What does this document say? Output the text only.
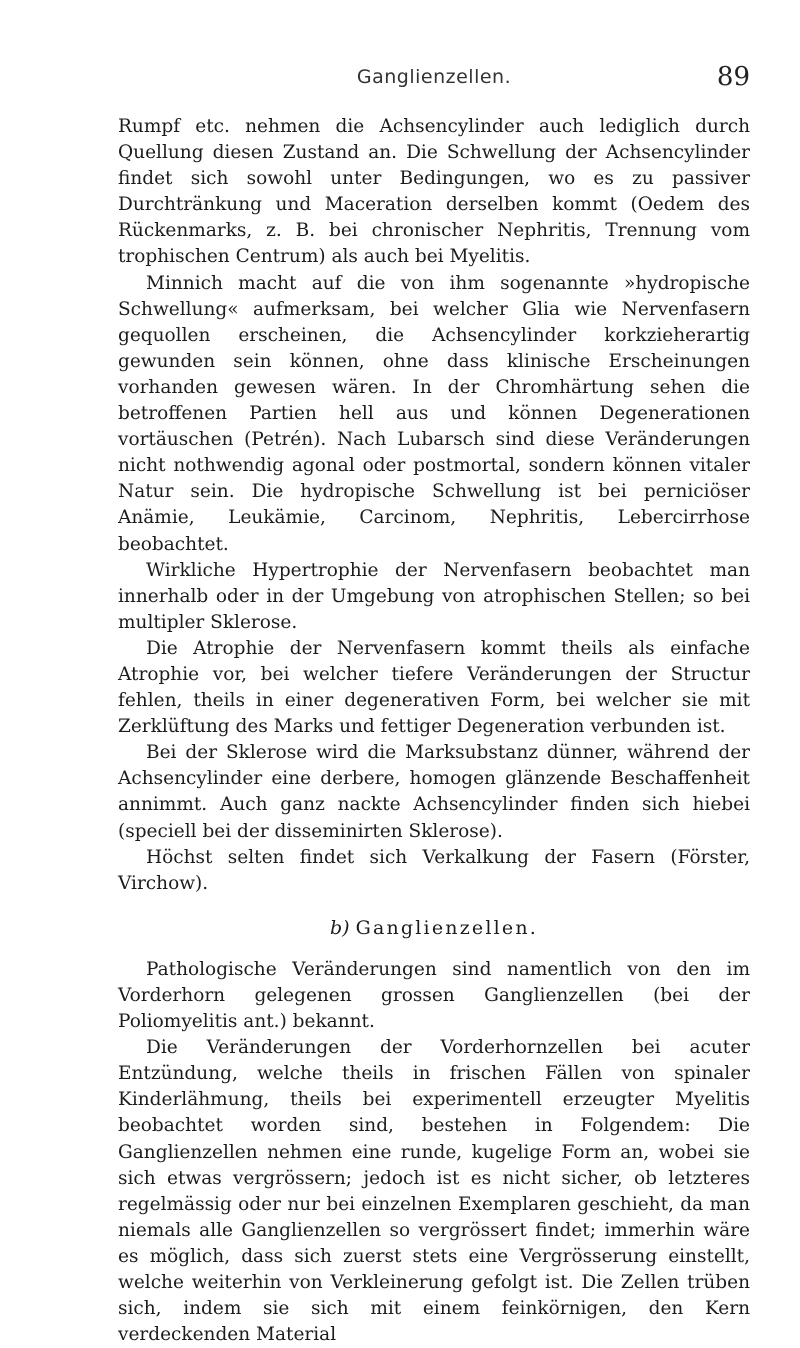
Ganglienzellen.	89

Rumpf etc. nehmen die Achsencylinder auch lediglich durch Quellung diesen Zustand an. Die Schwellung der Achsencylinder findet sich sowohl unter Bedingungen, wo es zu passiver Durchtränkung und Maceration derselben kommt (Oedem des Rückenmarks, z. B. bei chronischer Nephritis, Trennung vom trophischen Centrum) als auch bei Myelitis.

Minnich macht auf die von ihm sogenannte »hydropische Schwellung« aufmerksam, bei welcher Glia wie Nervenfasern gequollen erscheinen, die Achsencylinder korkzieherartig gewunden sein können, ohne dass klinische Erscheinungen vorhanden gewesen wären. In der Chromhärtung sehen die betroffenen Partien hell aus und können Degenerationen vortäuschen (Petrén). Nach Lubarsch sind diese Veränderungen nicht nothwendig agonal oder postmortal, sondern können vitaler Natur sein. Die hydropische Schwellung ist bei perniciöser Anämie, Leukämie, Carcinom, Nephritis, Lebercirrhose beobachtet.

Wirkliche Hypertrophie der Nervenfasern beobachtet man innerhalb oder in der Umgebung von atrophischen Stellen; so bei multipler Sklerose.

Die Atrophie der Nervenfasern kommt theils als einfache Atrophie vor, bei welcher tiefere Veränderungen der Structur fehlen, theils in einer degenerativen Form, bei welcher sie mit Zerklüftung des Marks und fettiger Degeneration verbunden ist.

Bei der Sklerose wird die Marksubstanz dünner, während der Achsencylinder eine derbere, homogen glänzende Beschaffenheit annimmt. Auch ganz nackte Achsencylinder finden sich hiebei (speciell bei der disseminirten Sklerose).

Höchst selten findet sich Verkalkung der Fasern (Förster, Virchow).

b) Ganglienzellen.

Pathologische Veränderungen sind namentlich von den im Vorderhorn gelegenen grossen Ganglienzellen (bei der Poliomyelitis ant.) bekannt.

Die Veränderungen der Vorderhornzellen bei acuter Entzündung, welche theils in frischen Fällen von spinaler Kinderlähmung, theils bei experimentell erzeugter Myelitis beobachtet worden sind, bestehen in Folgendem: Die Ganglienzellen nehmen eine runde, kugelige Form an, wobei sie sich etwas vergrössern; jedoch ist es nicht sicher, ob letzteres regelmässig oder nur bei einzelnen Exemplaren geschieht, da man niemals alle Ganglienzellen so vergrössert findet; immerhin wäre es möglich, dass sich zuerst stets eine Vergrösserung einstellt, welche weiterhin von Verkleinerung gefolgt ist. Die Zellen trüben sich, indem sie sich mit einem feinkörnigen, den Kern verdeckenden Material
